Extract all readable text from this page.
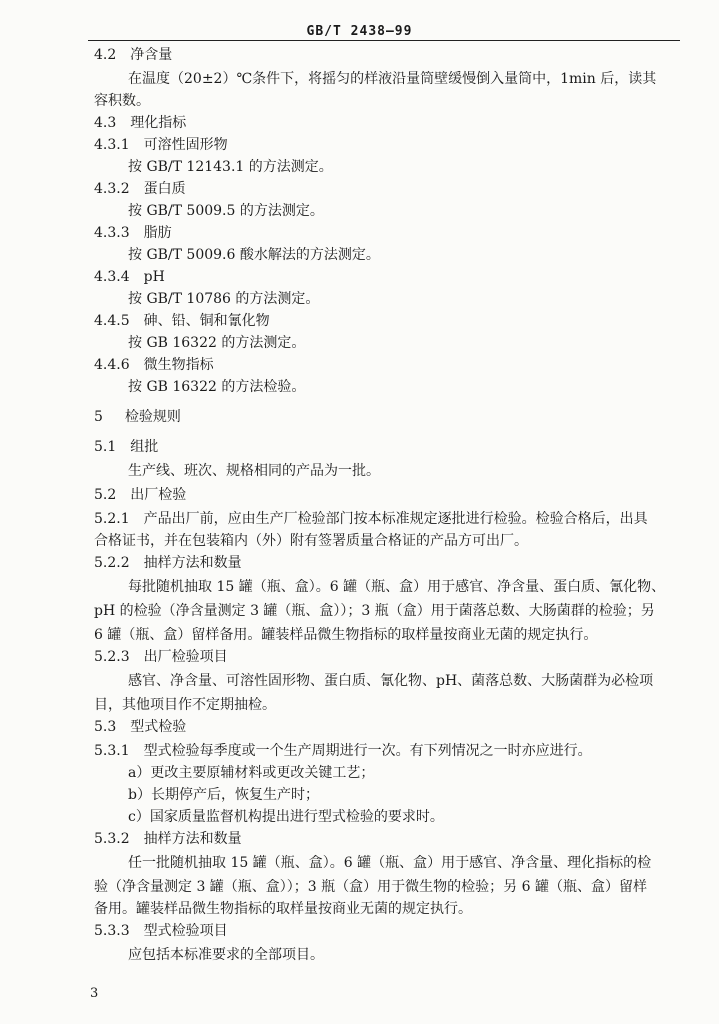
GB/T 2438—99
4.2 净含量
在温度（20±2）℃条件下，将摇匀的样液沿量筒壁缓慢倒入量筒中，1min 后，读其
容积数。
4.3 理化指标
4.3.1 可溶性固形物
按 GB/T 12143.1 的方法测定。
4.3.2 蛋白质
按 GB/T 5009.5 的方法测定。
4.3.3 脂肪
按 GB/T 5009.6 酸水解法的方法测定。
4.3.4 pH
按 GB/T 10786 的方法测定。
4.4.5 砷、铅、铜和氰化物
按 GB 16322 的方法测定。
4.4.6 微生物指标
按 GB 16322 的方法检验。
5 检验规则
5.1 组批
生产线、班次、规格相同的产品为一批。
5.2 出厂检验
5.2.1 产品出厂前，应由生产厂检验部门按本标准规定逐批进行检验。检验合格后，出具
合格证书，并在包装箱内（外）附有签署质量合格证的产品方可出厂。
5.2.2 抽样方法和数量
每批随机抽取 15 罐（瓶、盒）。6 罐（瓶、盒）用于感官、净含量、蛋白质、氰化物、
pH 的检验（净含量测定 3 罐（瓶、盒））；3 瓶（盒）用于菌落总数、大肠菌群的检验；另
6 罐（瓶、盒）留样备用。罐装样品微生物指标的取样量按商业无菌的规定执行。
5.2.3 出厂检验项目
感官、净含量、可溶性固形物、蛋白质、氰化物、pH、菌落总数、大肠菌群为必检项
目，其他项目作不定期抽检。
5.3 型式检验
5.3.1 型式检验每季度或一个生产周期进行一次。有下列情况之一时亦应进行。
a）更改主要原辅材料或更改关键工艺；
b）长期停产后，恢复生产时；
c）国家质量监督机构提出进行型式检验的要求时。
5.3.2 抽样方法和数量
任一批随机抽取 15 罐（瓶、盒）。6 罐（瓶、盒）用于感官、净含量、理化指标的检
验（净含量测定 3 罐（瓶、盒））；3 瓶（盒）用于微生物的检验；另 6 罐（瓶、盒）留样
备用。罐装样品微生物指标的取样量按商业无菌的规定执行。
5.3.3 型式检验项目
应包括本标准要求的全部项目。
3
